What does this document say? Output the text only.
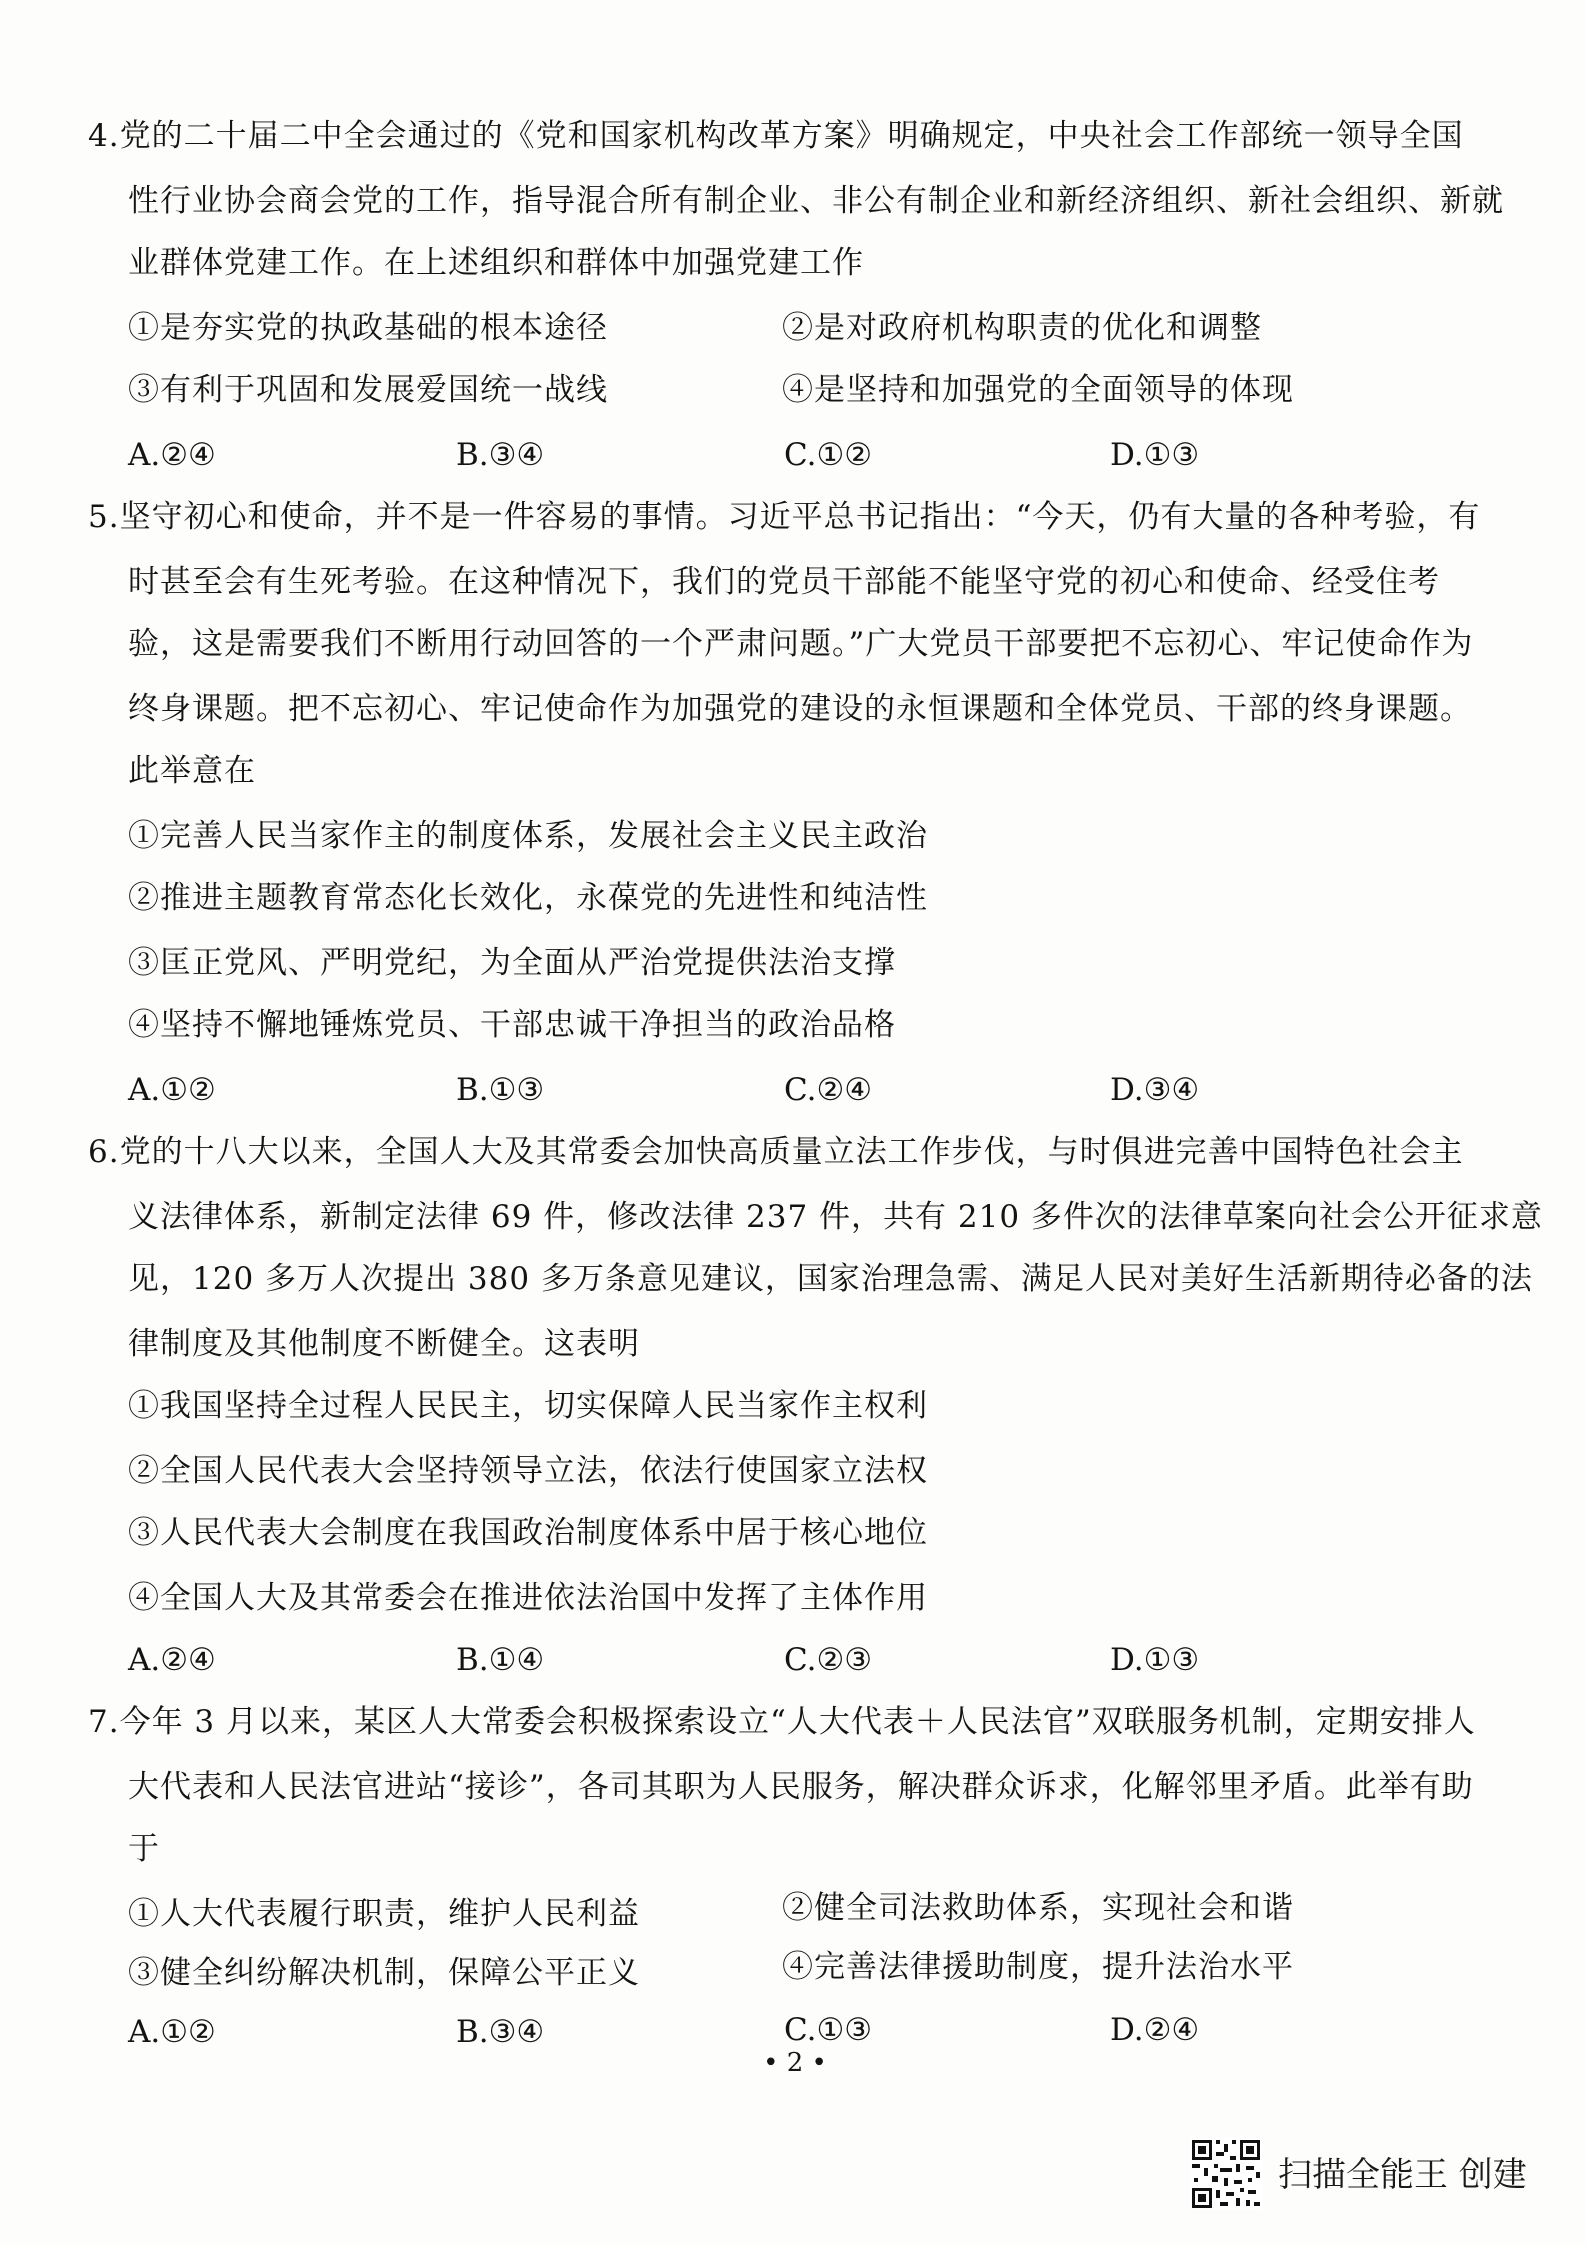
4.党的二十届二中全会通过的《党和国家机构改革方案》明确规定，中央社会工作部统一领导全国
性行业协会商会党的工作，指导混合所有制企业、非公有制企业和新经济组织、新社会组织、新就
业群体党建工作。在上述组织和群体中加强党建工作
①是夯实党的执政基础的根本途径	②是对政府机构职责的优化和调整
③有利于巩固和发展爱国统一战线	④是坚持和加强党的全面领导的体现
A.②④	B.③④	C.①②	D.①③
5.坚守初心和使命，并不是一件容易的事情。习近平总书记指出：“今天，仍有大量的各种考验，有
时甚至会有生死考验。在这种情况下，我们的党员干部能不能坚守党的初心和使命、经受住考
验，这是需要我们不断用行动回答的一个严肃问题。”广大党员干部要把不忘初心、牢记使命作为
终身课题。把不忘初心、牢记使命作为加强党的建设的永恒课题和全体党员、干部的终身课题。
此举意在
①完善人民当家作主的制度体系，发展社会主义民主政治
②推进主题教育常态化长效化，永葆党的先进性和纯洁性
③匡正党风、严明党纪，为全面从严治党提供法治支撑
④坚持不懈地锤炼党员、干部忠诚干净担当的政治品格
A.①②	B.①③	C.②④	D.③④
6.党的十八大以来，全国人大及其常委会加快高质量立法工作步伐，与时俱进完善中国特色社会主
义法律体系，新制定法律 69 件，修改法律 237 件，共有 210 多件次的法律草案向社会公开征求意
见，120 多万人次提出 380 多万条意见建议，国家治理急需、满足人民对美好生活新期待必备的法
律制度及其他制度不断健全。这表明
①我国坚持全过程人民民主，切实保障人民当家作主权利
②全国人民代表大会坚持领导立法，依法行使国家立法权
③人民代表大会制度在我国政治制度体系中居于核心地位
④全国人大及其常委会在推进依法治国中发挥了主体作用
A.②④	B.①④	C.②③	D.①③
7.今年 3 月以来，某区人大常委会积极探索设立“人大代表＋人民法官”双联服务机制，定期安排人
大代表和人民法官进站“接诊”，各司其职为人民服务，解决群众诉求，化解邻里矛盾。此举有助
于
①人大代表履行职责，维护人民利益	②健全司法救助体系，实现社会和谐
③健全纠纷解决机制，保障公平正义	④完善法律援助制度，提升法治水平
A.①②	B.③④	C.①③	D.②④
• 2 •
扫描全能王 创建
